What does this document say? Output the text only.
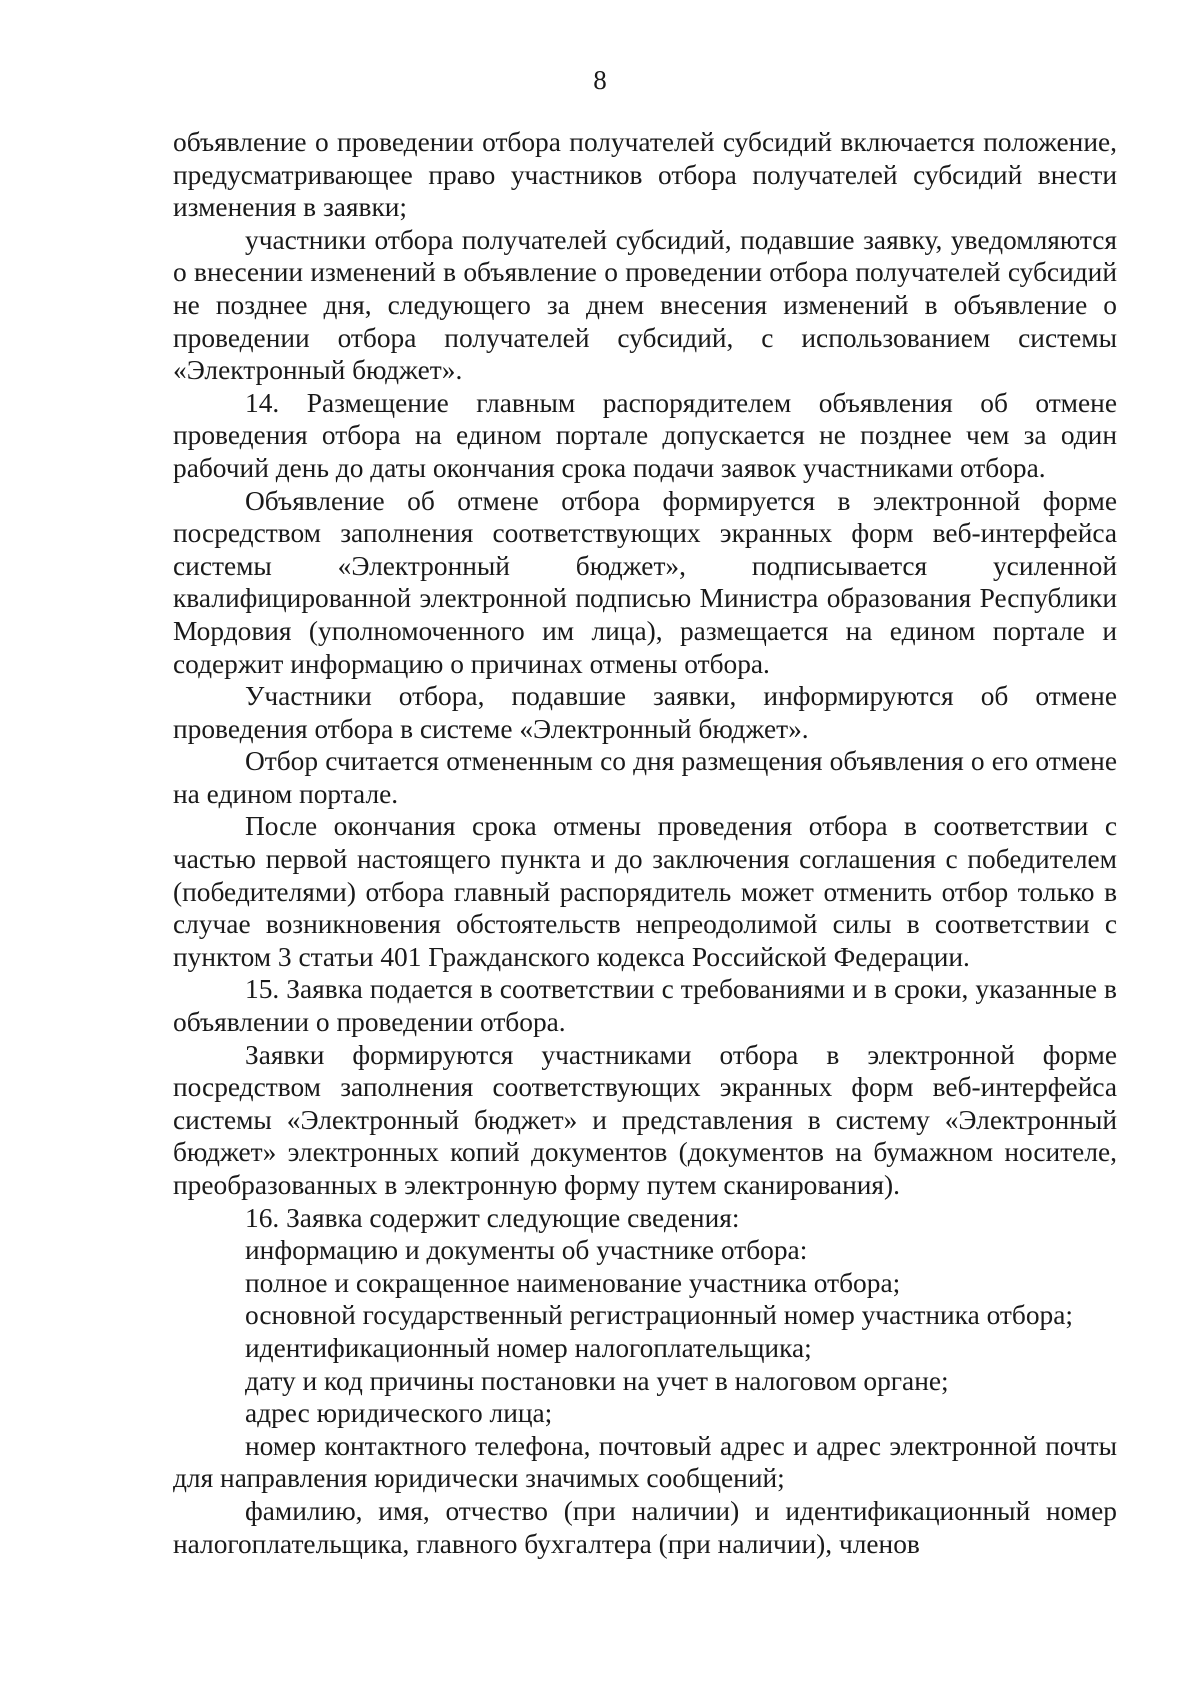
8

объявление о проведении отбора получателей субсидий включается положение, предусматривающее право участников отбора получателей субсидий внести изменения в заявки;

участники отбора получателей субсидий, подавшие заявку, уведомляются о внесении изменений в объявление о проведении отбора получателей субсидий не позднее дня, следующего за днем внесения изменений в объявление о проведении отбора получателей субсидий, с использованием системы «Электронный бюджет».

14. Размещение главным распорядителем объявления об отмене проведения отбора на едином портале допускается не позднее чем за один рабочий день до даты окончания срока подачи заявок участниками отбора.

Объявление об отмене отбора формируется в электронной форме посредством заполнения соответствующих экранных форм веб-интерфейса системы «Электронный бюджет», подписывается усиленной квалифицированной электронной подписью Министра образования Республики Мордовия (уполномоченного им лица), размещается на едином портале и содержит информацию о причинах отмены отбора.

Участники отбора, подавшие заявки, информируются об отмене проведения отбора в системе «Электронный бюджет».

Отбор считается отмененным со дня размещения объявления о его отмене на едином портале.

После окончания срока отмены проведения отбора в соответствии с частью первой настоящего пункта и до заключения соглашения с победителем (победителями) отбора главный распорядитель может отменить отбор только в случае возникновения обстоятельств непреодолимой силы в соответствии с пунктом 3 статьи 401 Гражданского кодекса Российской Федерации.

15. Заявка подается в соответствии с требованиями и в сроки, указанные в объявлении о проведении отбора.

Заявки формируются участниками отбора в электронной форме посредством заполнения соответствующих экранных форм веб-интерфейса системы «Электронный бюджет» и представления в систему «Электронный бюджет» электронных копий документов (документов на бумажном носителе, преобразованных в электронную форму путем сканирования).

16. Заявка содержит следующие сведения:

информацию и документы об участнике отбора:

полное и сокращенное наименование участника отбора;

основной государственный регистрационный номер участника отбора;

идентификационный номер налогоплательщика;

дату и код причины постановки на учет в налоговом органе;

адрес юридического лица;

номер контактного телефона, почтовый адрес и адрес электронной почты для направления юридически значимых сообщений;

фамилию, имя, отчество (при наличии) и идентификационный номер налогоплательщика, главного бухгалтера (при наличии), членов
